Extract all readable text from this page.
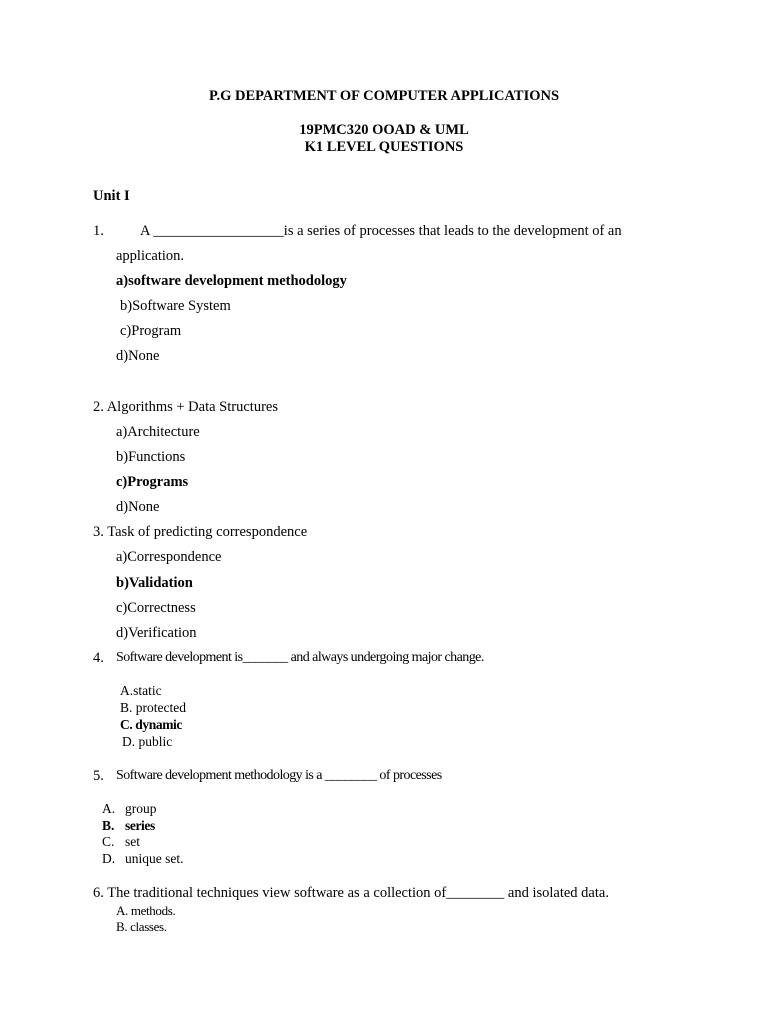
P.G DEPARTMENT OF COMPUTER APPLICATIONS
19PMC320 OOAD & UML
K1 LEVEL QUESTIONS
Unit I
1. A __________________is a series of processes that leads to the development of an
application.
a)software development methodology
b)Software System
c)Program
d)None
2. Algorithms + Data Structures
a)Architecture
b)Functions
c)Programs
d)None
3. Task of predicting correspondence
a)Correspondence
b)Validation
c)Correctness
d)Verification
4. Software development is_______ and always undergoing major change.
A.static
B. protected
C. dynamic
D. public
5. Software development methodology is a ________ of processes
A. group
B. series
C. set
D. unique set.
6. The traditional techniques view software as a collection of________ and isolated data.
A. methods.
B. classes.
